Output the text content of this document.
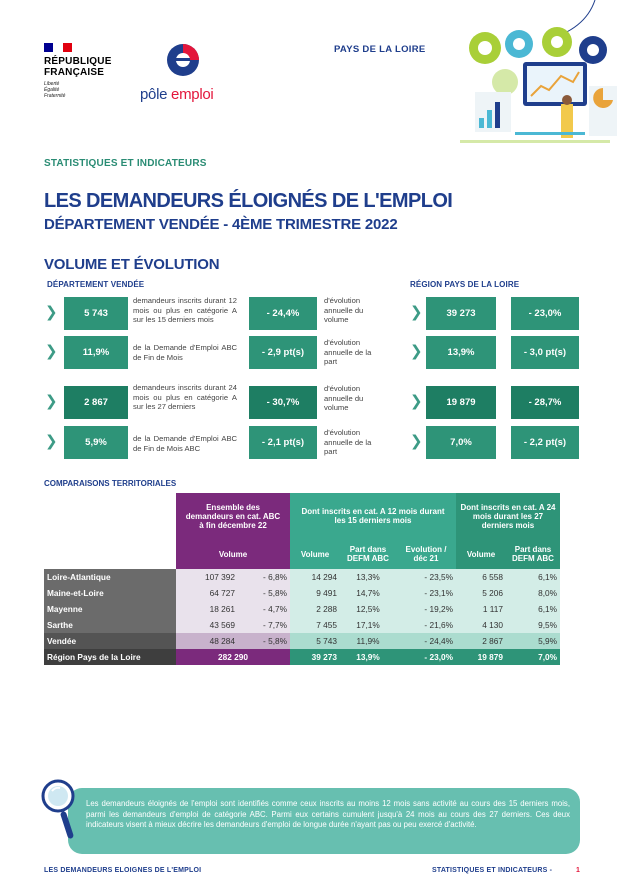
RÉPUBLIQUE
FRANÇAISE
Liberté
Égalité
Fraternité	pôle emploi
PAYS DE LA LOIRE
STATISTIQUES ET INDICATEURS
LES DEMANDEURS ÉLOIGNÉS DE L'EMPLOI
DÉPARTEMENT VENDÉE - 4ÈME TRIMESTRE 2022
VOLUME ET ÉVOLUTION
DÉPARTEMENT VENDÉE	RÉGION PAYS DE LA LOIRE
❯	5 743
demandeurs inscrits durant 12 mois ou plus en catégorie A sur les 15 derniers mois
- 24,4%
d'évolution annuelle du volume	❯	39 273	- 23,0%
❯	11,9%	de la Demande d'Emploi ABC de Fin de Mois	- 2,9 pt(s)
d'évolution annuelle de la part
❯	13,9%	- 3,0 pt(s)
❯	2 867
demandeurs inscrits durant 24 mois ou plus en catégorie A sur les 27 derniers	- 30,7%
d'évolution annuelle du volume	❯	19 879	- 28,7%
❯	5,9%	de la Demande d'Emploi ABC de Fin de Mois ABC	- 2,1 pt(s)
d'évolution annuelle de la part
❯	7,0%	- 2,2 pt(s)
COMPARAISONS TERRITORIALES
	Ensemble des demandeurs en cat. ABC à fin décembre 22		Dont inscrits en cat. A 12 mois durant les 15 derniers mois			Dont inscrits en cat. A 24 mois durant les 27 derniers mois	
	Volume		Volume	Part dans DEFM ABC	Evolution / déc 21	Volume	Part dans DEFM ABC
Loire-Atlantique	107 392	- 6,8%	14 294	13,3%	- 23,5%	6 558	6,1%
Maine-et-Loire	64 727	- 5,8%	9 491	14,7%	- 23,1%	5 206	8,0%
Mayenne	18 261	- 4,7%	2 288	12,5%	- 19,2%	1 117	6,1%
Sarthe	43 569	- 7,7%	7 455	17,1%	- 21,6%	4 130	9,5%
Vendée	48 284	- 5,8%	5 743	11,9%	- 24,4%	2 867	5,9%
Région Pays de la Loire	282 290		39 273	13,9%	- 23,0%	19 879	7,0%
Les demandeurs éloignés de l'emploi sont identifiés comme ceux inscrits au moins 12 mois sans activité au cours des 15 derniers mois, parmi les demandeurs d'emploi de catégorie ABC. Parmi eux certains cumulent jusqu'à 24 mois au cours des 27 derniers. Ces deux indicateurs visent à mieux décrire les demandeurs d'emploi de longue durée n'ayant pas ou peu exercé d'activité.
LES DEMANDEURS ELOIGNES DE L'EMPLOI	STATISTIQUES ET INDICATEURS -	1
